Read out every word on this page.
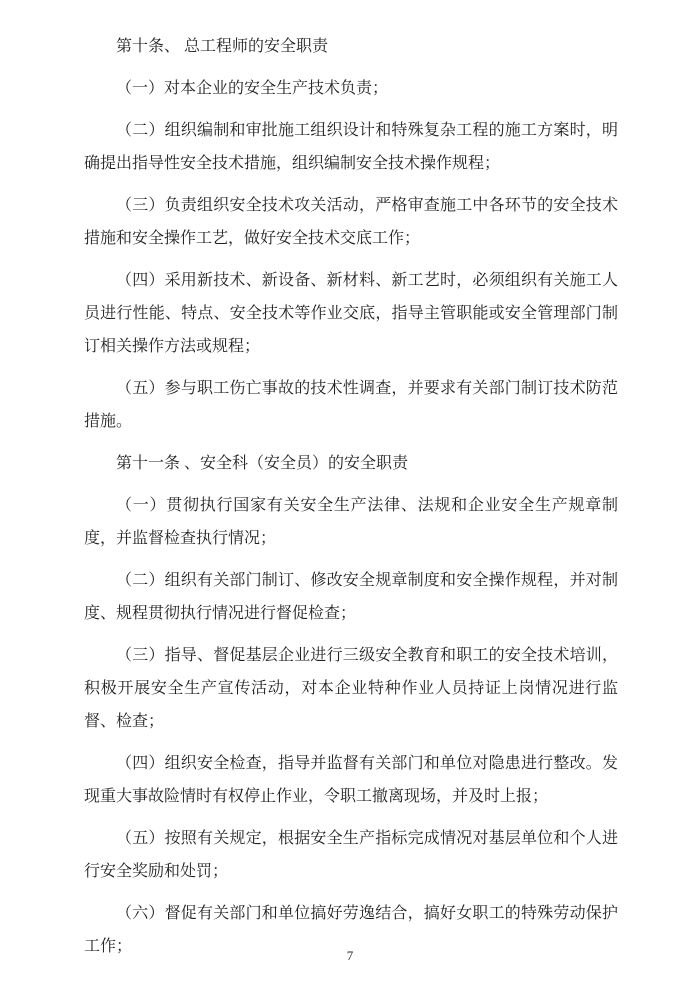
第十条、 总工程师的安全职责

（一）对本企业的安全生产技术负责；

（二）组织编制和审批施工组织设计和特殊复杂工程的施工方案时，明确提出指导性安全技术措施，组织编制安全技术操作规程；

（三）负责组织安全技术攻关活动，严格审查施工中各环节的安全技术措施和安全操作工艺，做好安全技术交底工作；

（四）采用新技术、新设备、新材料、新工艺时，必须组织有关施工人员进行性能、特点、安全技术等作业交底，指导主管职能或安全管理部门制订相关操作方法或规程；

（五）参与职工伤亡事故的技术性调查，并要求有关部门制订技术防范措施。

第十一条 、安全科（安全员）的安全职责

（一）贯彻执行国家有关安全生产法律、法规和企业安全生产规章制度，并监督检查执行情况；

（二）组织有关部门制订、修改安全规章制度和安全操作规程，并对制度、规程贯彻执行情况进行督促检查；

（三）指导、督促基层企业进行三级安全教育和职工的安全技术培训，积极开展安全生产宣传活动，对本企业特种作业人员持证上岗情况进行监督、检查；

（四）组织安全检查，指导并监督有关部门和单位对隐患进行整改。发现重大事故险情时有权停止作业，令职工撤离现场，并及时上报；

（五）按照有关规定，根据安全生产指标完成情况对基层单位和个人进行安全奖励和处罚；

（六）督促有关部门和单位搞好劳逸结合，搞好女职工的特殊劳动保护工作；

7
